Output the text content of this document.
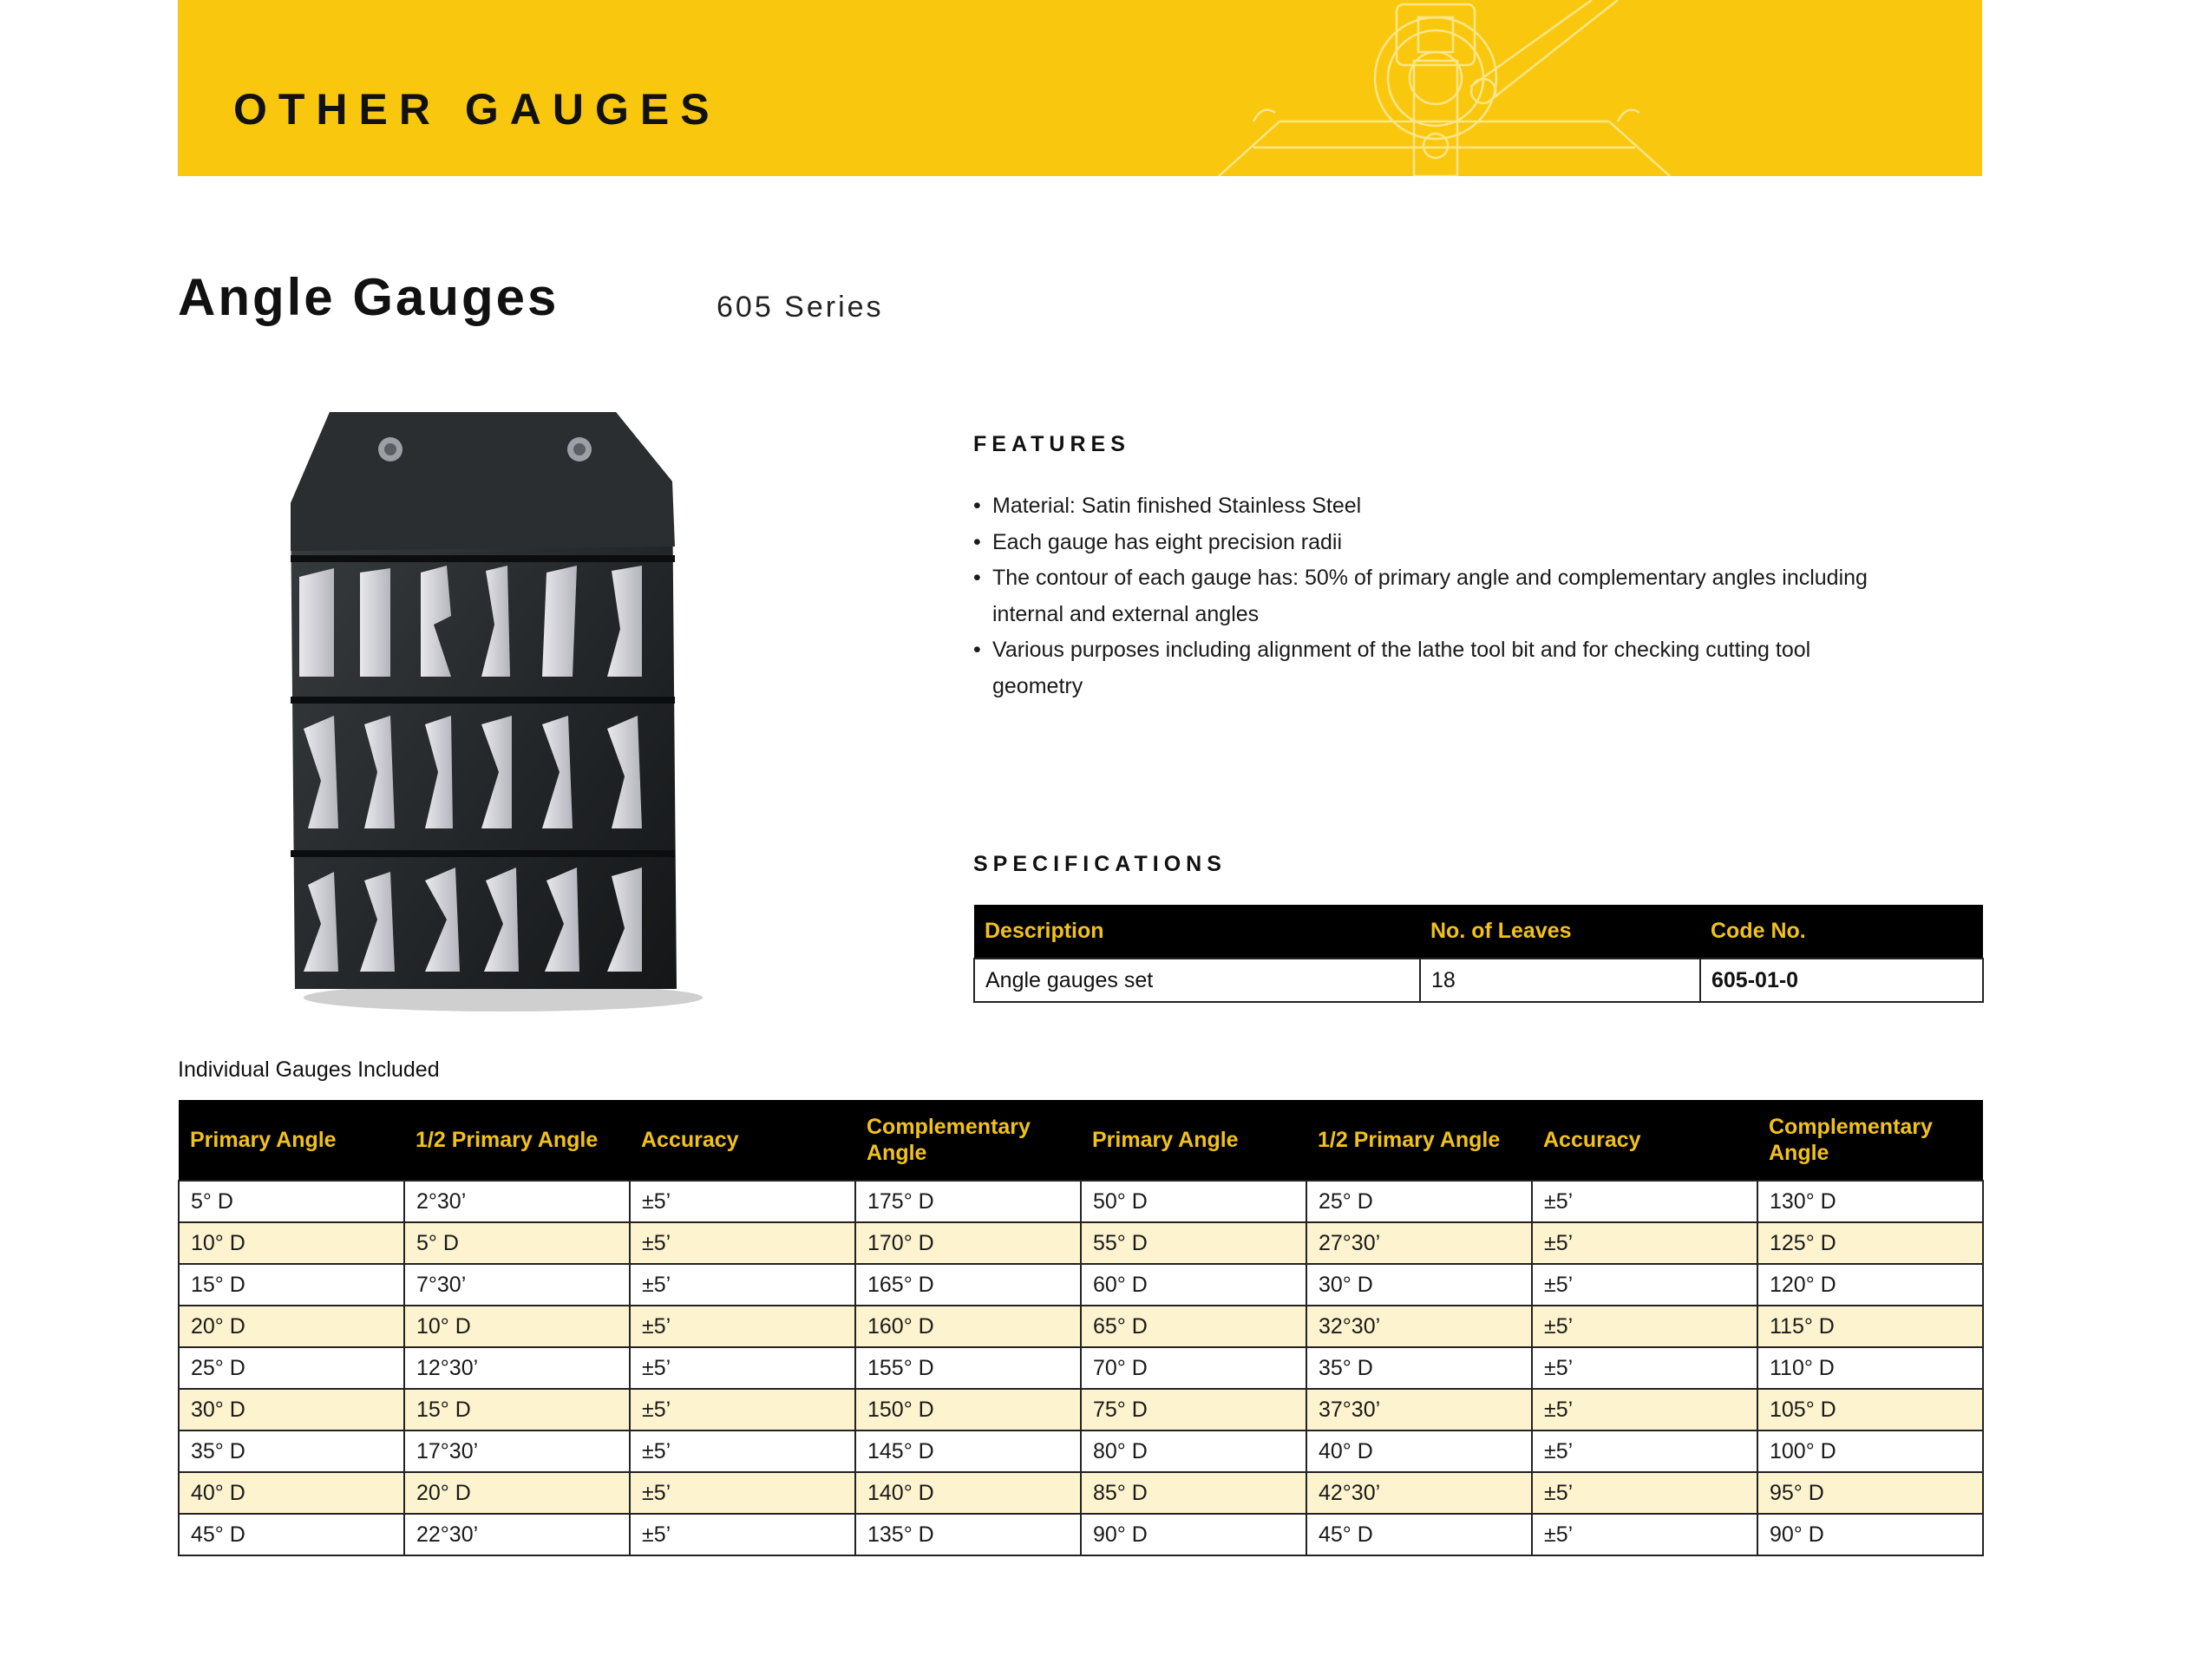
OTHER GAUGES
Angle Gauges	605 Series
FEATURES
• Material: Satin finished Stainless Steel
• Each gauge has eight precision radii
• The contour of each gauge has: 50% of primary angle and complementary angles including internal and external angles
• Various purposes including alignment of the lathe tool bit and for checking cutting tool geometry
SPECIFICATIONS
Description	No. of Leaves	Code No.
Angle gauges set	18	605-01-0
Individual Gauges Included
Primary Angle	1/2 Primary Angle	Accuracy	Complementary Angle	Primary Angle	1/2 Primary Angle	Accuracy	Complementary Angle
5° D	2°30’	±5’	175° D	50° D	25° D	±5’	130° D
10° D	5° D	±5’	170° D	55° D	27°30’	±5’	125° D
15° D	7°30’	±5’	165° D	60° D	30° D	±5’	120° D
20° D	10° D	±5’	160° D	65° D	32°30’	±5’	115° D
25° D	12°30’	±5’	155° D	70° D	35° D	±5’	110° D
30° D	15° D	±5’	150° D	75° D	37°30’	±5’	105° D
35° D	17°30’	±5’	145° D	80° D	40° D	±5’	100° D
40° D	20° D	±5’	140° D	85° D	42°30’	±5’	95° D
45° D	22°30’	±5’	135° D	90° D	45° D	±5’	90° D
